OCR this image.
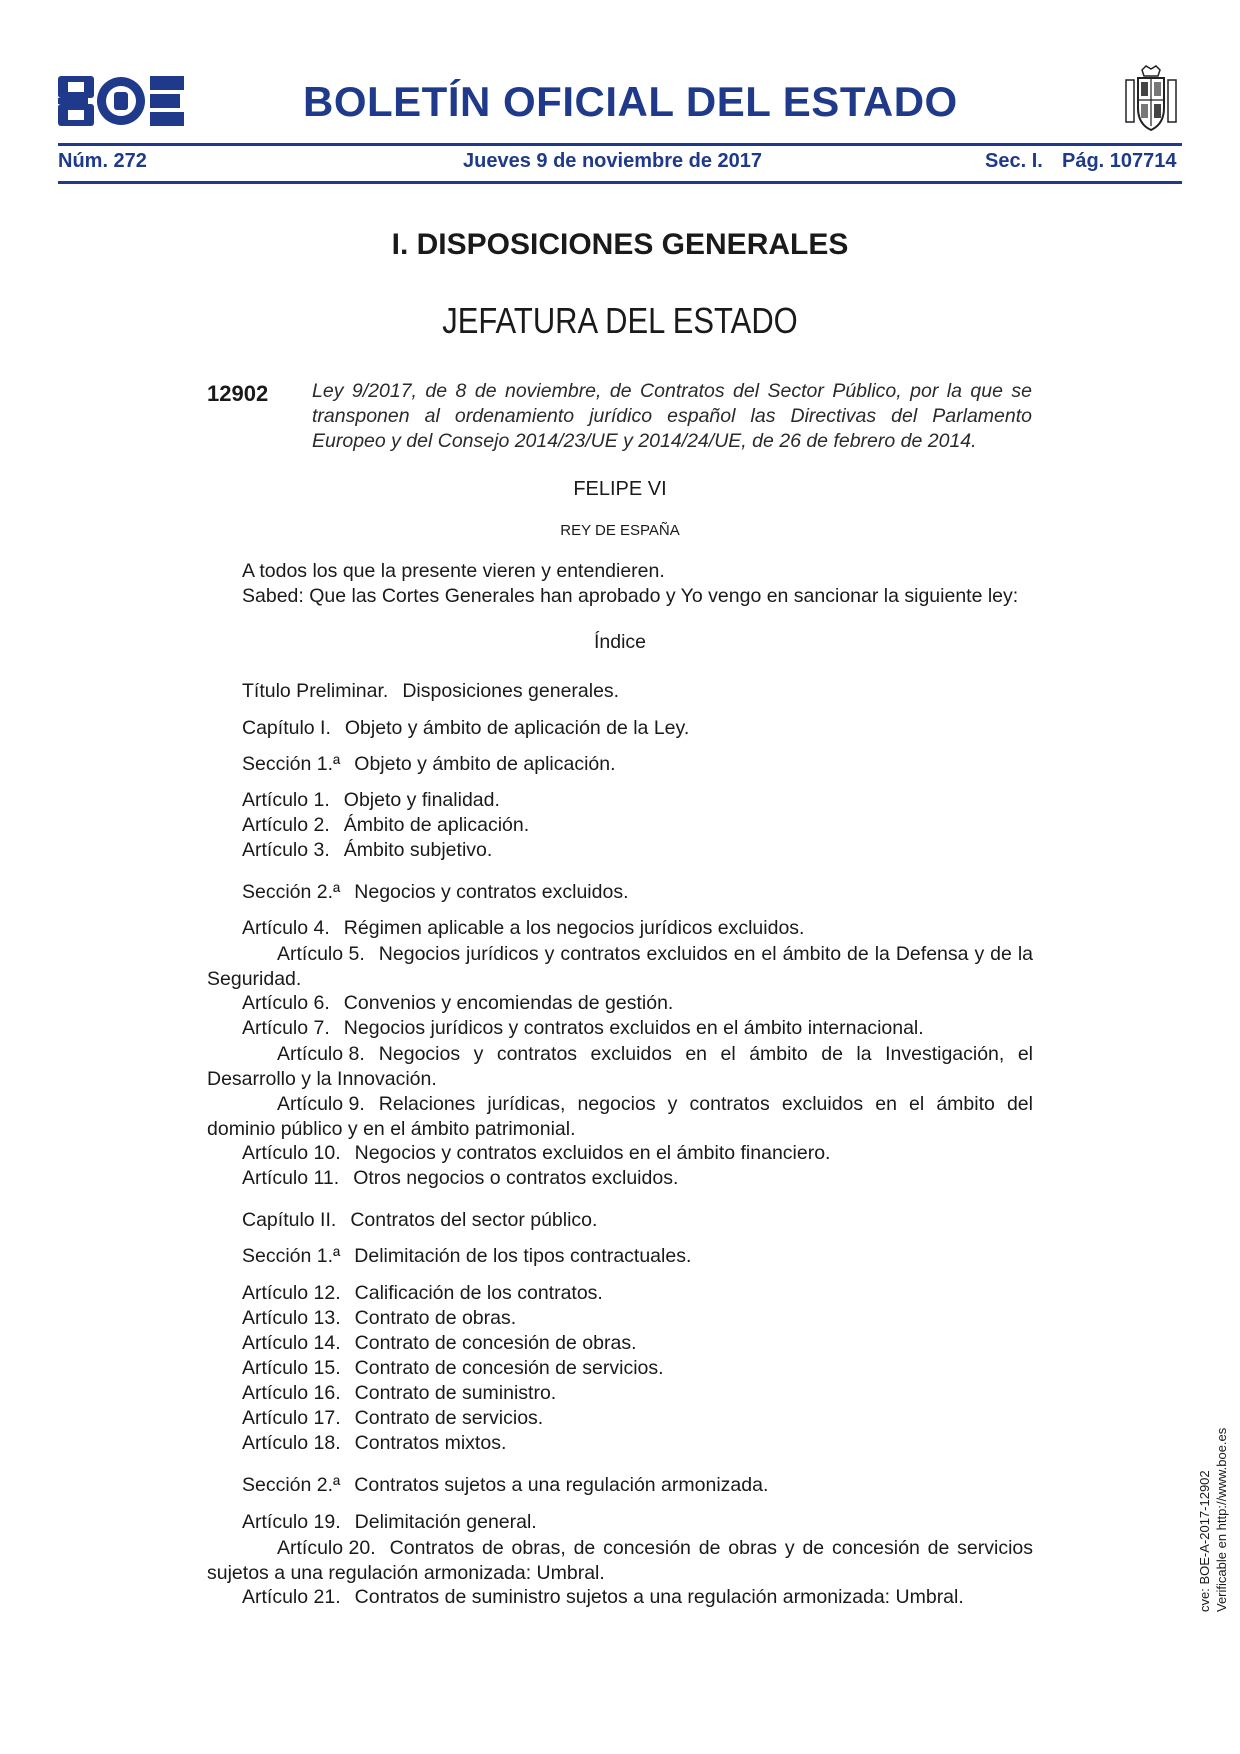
BOLETÍN OFICIAL DEL ESTADO
Núm. 272	Jueves 9 de noviembre de 2017	Sec. I. Pág. 107714
I. DISPOSICIONES GENERALES
JEFATURA DEL ESTADO
12902 Ley 9/2017, de 8 de noviembre, de Contratos del Sector Público, por la que se transponen al ordenamiento jurídico español las Directivas del Parlamento Europeo y del Consejo 2014/23/UE y 2014/24/UE, de 26 de febrero de 2014.
FELIPE VI
REY DE ESPAÑA
A todos los que la presente vieren y entendieren.
Sabed: Que las Cortes Generales han aprobado y Yo vengo en sancionar la siguiente ley:
Índice
Título Preliminar. Disposiciones generales.
Capítulo I. Objeto y ámbito de aplicación de la Ley.
Sección 1.ª Objeto y ámbito de aplicación.
Artículo 1. Objeto y finalidad.
Artículo 2. Ámbito de aplicación.
Artículo 3. Ámbito subjetivo.
Sección 2.ª Negocios y contratos excluidos.
Artículo 4. Régimen aplicable a los negocios jurídicos excluidos.
Artículo 5. Negocios jurídicos y contratos excluidos en el ámbito de la Defensa y de la Seguridad.
Artículo 6. Convenios y encomiendas de gestión.
Artículo 7. Negocios jurídicos y contratos excluidos en el ámbito internacional.
Artículo 8. Negocios y contratos excluidos en el ámbito de la Investigación, el Desarrollo y la Innovación.
Artículo 9. Relaciones jurídicas, negocios y contratos excluidos en el ámbito del dominio público y en el ámbito patrimonial.
Artículo 10. Negocios y contratos excluidos en el ámbito financiero.
Artículo 11. Otros negocios o contratos excluidos.
Capítulo II. Contratos del sector público.
Sección 1.ª Delimitación de los tipos contractuales.
Artículo 12. Calificación de los contratos.
Artículo 13. Contrato de obras.
Artículo 14. Contrato de concesión de obras.
Artículo 15. Contrato de concesión de servicios.
Artículo 16. Contrato de suministro.
Artículo 17. Contrato de servicios.
Artículo 18. Contratos mixtos.
Sección 2.ª Contratos sujetos a una regulación armonizada.
Artículo 19. Delimitación general.
Artículo 20. Contratos de obras, de concesión de obras y de concesión de servicios sujetos a una regulación armonizada: Umbral.
Artículo 21. Contratos de suministro sujetos a una regulación armonizada: Umbral.	cve: BOE-A-2017-12902 Verificable en http://www.boe.es
